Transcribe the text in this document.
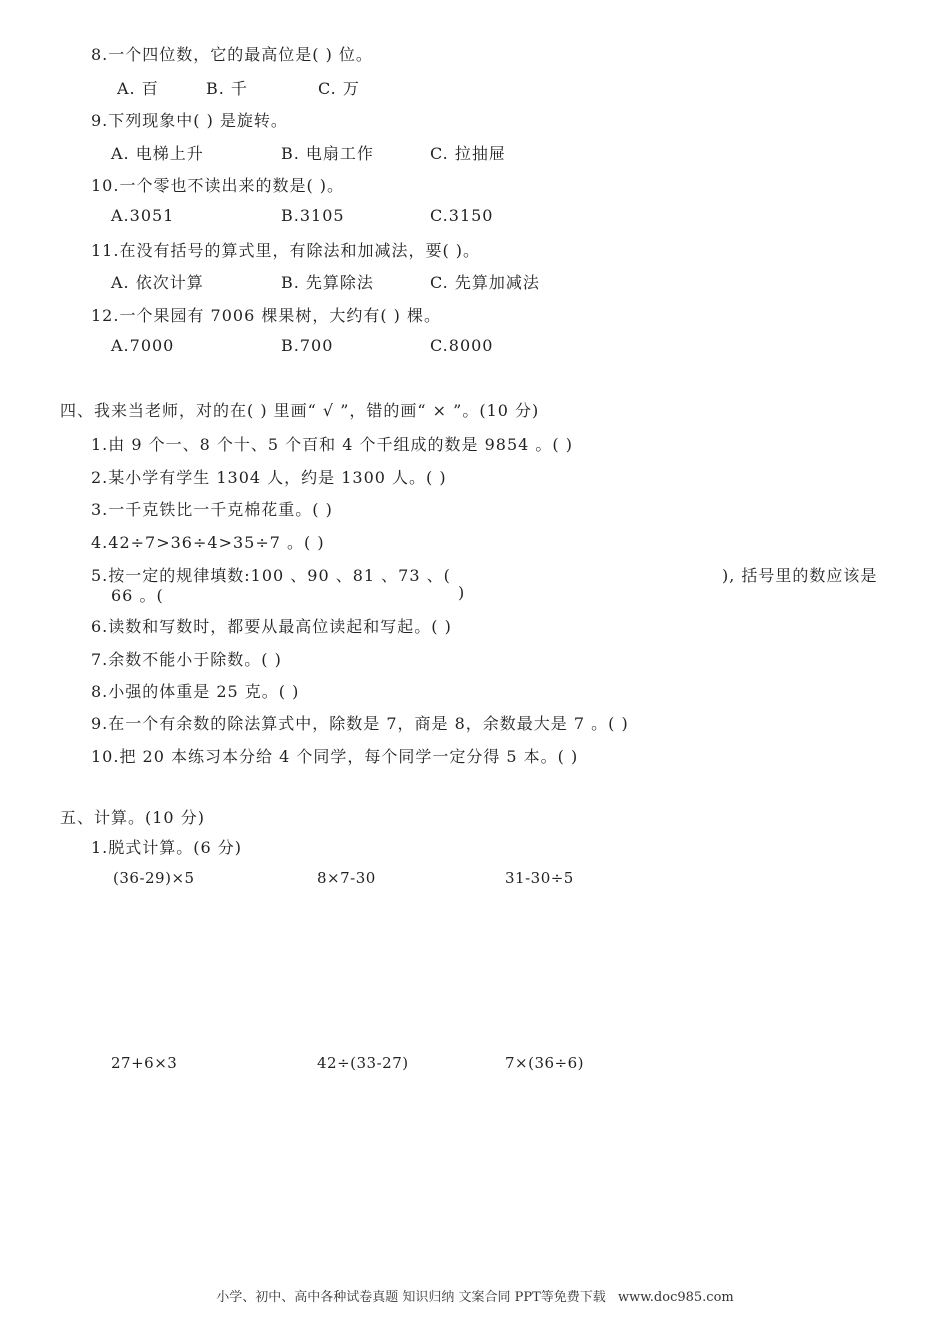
8.一个四位数，它的最高位是( ) 位。
A. 百	B. 千	C. 万
9.下列现象中( ) 是旋转。
A. 电梯上升	B. 电扇工作	C. 拉抽屉
10.一个零也不读出来的数是( )。
A.3051	B.3105	C.3150
11.在没有括号的算式里，有除法和加减法，要( )。
A. 依次计算	B. 先算除法	C. 先算加减法
12.一个果园有 7006 棵果树，大约有( ) 棵。
A.7000	B.700	C.8000
四、我来当老师，对的在( ) 里画“ √ ”，错的画“ × ”。(10 分)
1.由 9 个一、8 个十、5 个百和 4 个千组成的数是 9854 。( )
2.某小学有学生 1304 人，约是 1300 人。( )
3.一千克铁比一千克棉花重。( )
4.42÷7>36÷4>35÷7 。( )
5.按一定的规律填数:100 、90 、81 、73 、(	), 括号里的数应该是
66 。(	)
6.读数和写数时，都要从最高位读起和写起。( )
7.余数不能小于除数。( )
8.小强的体重是 25 克。( )
9.在一个有余数的除法算式中，除数是 7，商是 8，余数最大是 7 。( )
10.把 20 本练习本分给 4 个同学，每个同学一定分得 5 本。( )
五、计算。(10 分)
1.脱式计算。(6 分)
(36-29)×5	8×7-30	31-30÷5
27+6×3	42÷(33-27)	7×(36÷6)
小学、初中、高中各种试卷真题 知识归纳 文案合同 PPT等免费下载 www.doc985.com
